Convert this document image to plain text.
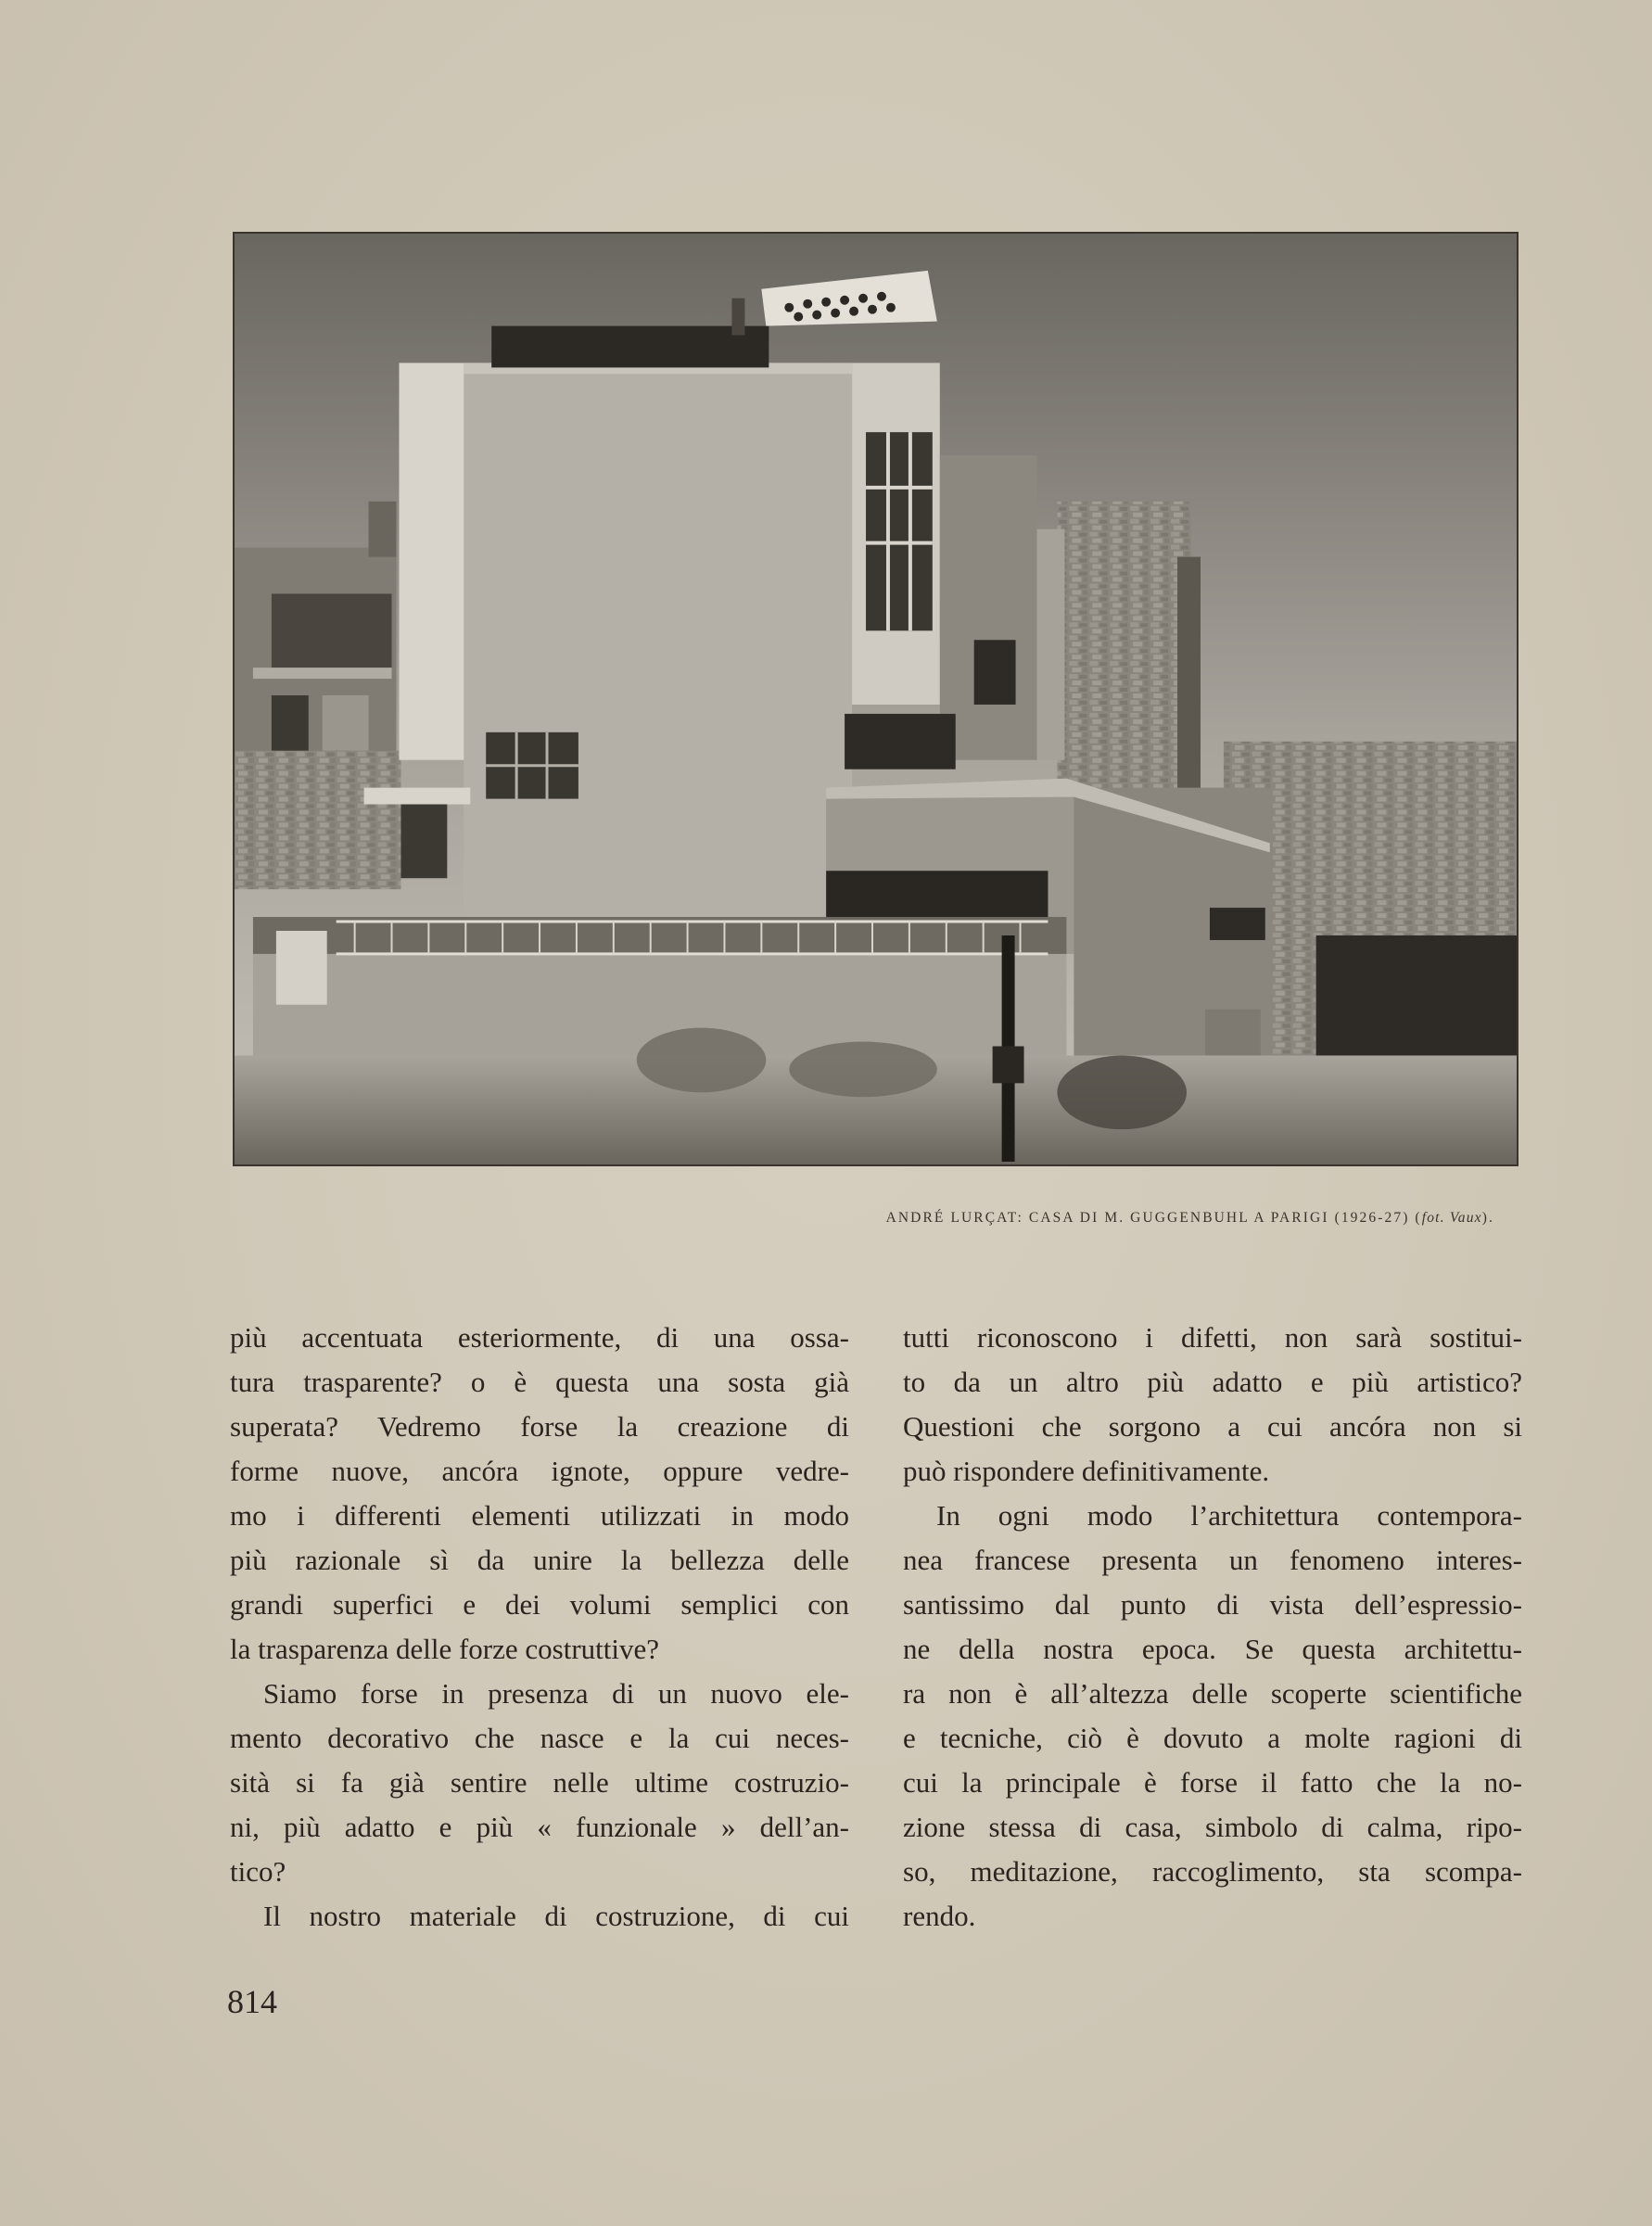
ANDRÉ LURÇAT: CASA DI M. GUGGENBUHL A PARIGI (1926-27) (fot. Vaux).
più accentuata esteriormente, di una ossa-
tura trasparente? o è questa una sosta già
superata? Vedremo forse la creazione di
forme nuove, ancóra ignote, oppure vedre-
mo i differenti elementi utilizzati in modo
più razionale sì da unire la bellezza delle
grandi superfici e dei volumi semplici con
la trasparenza delle forze costruttive?
Siamo forse in presenza di un nuovo ele-
mento decorativo che nasce e la cui neces-
sità si fa già sentire nelle ultime costruzio-
ni, più adatto e più « funzionale » dell’an-
tico?
Il nostro materiale di costruzione, di cui
tutti riconoscono i difetti, non sarà sostitui-
to da un altro più adatto e più artistico?
Questioni che sorgono a cui ancóra non si
può rispondere definitivamente.
In ogni modo l’architettura contempora-
nea francese presenta un fenomeno interes-
santissimo dal punto di vista dell’espressio-
ne della nostra epoca. Se questa architettu-
ra non è all’altezza delle scoperte scientifiche
e tecniche, ciò è dovuto a molte ragioni di
cui la principale è forse il fatto che la no-
zione stessa di casa, simbolo di calma, ripo-
so, meditazione, raccoglimento, sta scompa-
rendo.
814
